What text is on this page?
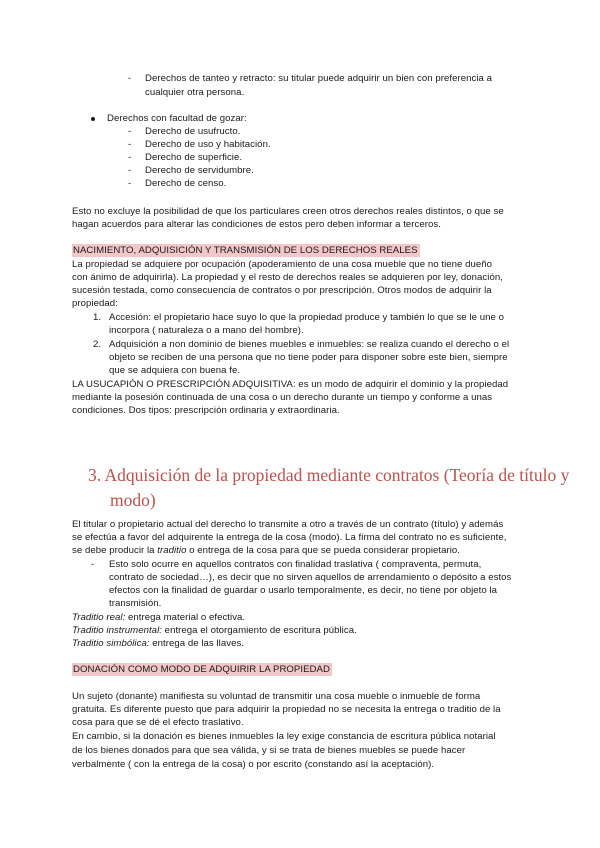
- Derechos de tanteo y retracto: su titular puede adquirir un bien con preferencia a
cualquier otra persona.
Derechos con facultad de gozar:
- Derecho de usufructo.
- Derecho de uso y habitación.
- Derecho de superficie.
- Derecho de servidumbre.
- Derecho de censo.
Esto no excluye la posibilidad de que los particulares creen otros derechos reales distintos, o que se
hagan acuerdos para alterar las condiciones de estos pero deben informar a terceros.
NACIMIENTO, ADQUISICIÓN Y TRANSMISIÓN DE LOS DERECHOS REALES
La propiedad se adquiere por ocupación (apoderamiento de una cosa mueble que no tiene dueño
con ánimo de adquirirla). La propiedad y el resto de derechos reales se adquieren por ley, donación,
sucesión testada, como consecuencia de contratos o por prescripción. Otros modos de adquirir la
propiedad:
1. Accesión: el propietario hace suyo lo que la propiedad produce y también lo que se le une o
incorpora ( naturaleza o a mano del hombre).
2. Adquisición a non dominio de bienes muebles e inmuebles: se realiza cuando el derecho o el
objeto se reciben de una persona que no tiene poder para disponer sobre este bien, siempre
que se adquiera con buena fe.
LA USUCAPIÓN O PRESCRIPCIÓN ADQUISITIVA: es un modo de adquirir el dominio y la propiedad
mediante la posesión continuada de una cosa o un derecho durante un tiempo y conforme a unas
condiciones. Dos tipos: prescripción ordinaria y extraordinaria.
3. Adquisición de la propiedad mediante contratos (Teoría de título y
modo)
El titular o propietario actual del derecho lo transmite a otro a través de un contrato (título) y además
se efectúa a favor del adquirente la entrega de la cosa (modo). La firma del contrato no es suficiente,
se debe producir la traditio o entrega de la cosa para que se pueda considerar propietario.
- Esto solo ocurre en aquellos contratos con finalidad traslativa ( compraventa, permuta,
contrato de sociedad…), es decir que no sirven aquellos de arrendamiento o depósito a estos
efectos con la finalidad de guardar o usarlo temporalmente, es decir, no tiene por objeto la
transmisión.
Traditio real: entrega material o efectiva.
Traditio instrumental: entrega el otorgamiento de escritura pública.
Traditio simbólica: entrega de las llaves.
DONACIÓN COMO MODO DE ADQUIRIR LA PROPIEDAD
Un sujeto (donante) manifiesta su voluntad de transmitir una cosa mueble o inmueble de forma
gratuita. Es diferente puesto que para adquirir la propiedad no se necesita la entrega o traditio de la
cosa para que se dé el efecto traslativo.
En cambio, si la donación es bienes inmuebles la ley exige constancia de escritura pública notarial
de los bienes donados para que sea válida, y si se trata de bienes muebles se puede hacer
verbalmente ( con la entrega de la cosa) o por escrito (constando así la aceptación).
